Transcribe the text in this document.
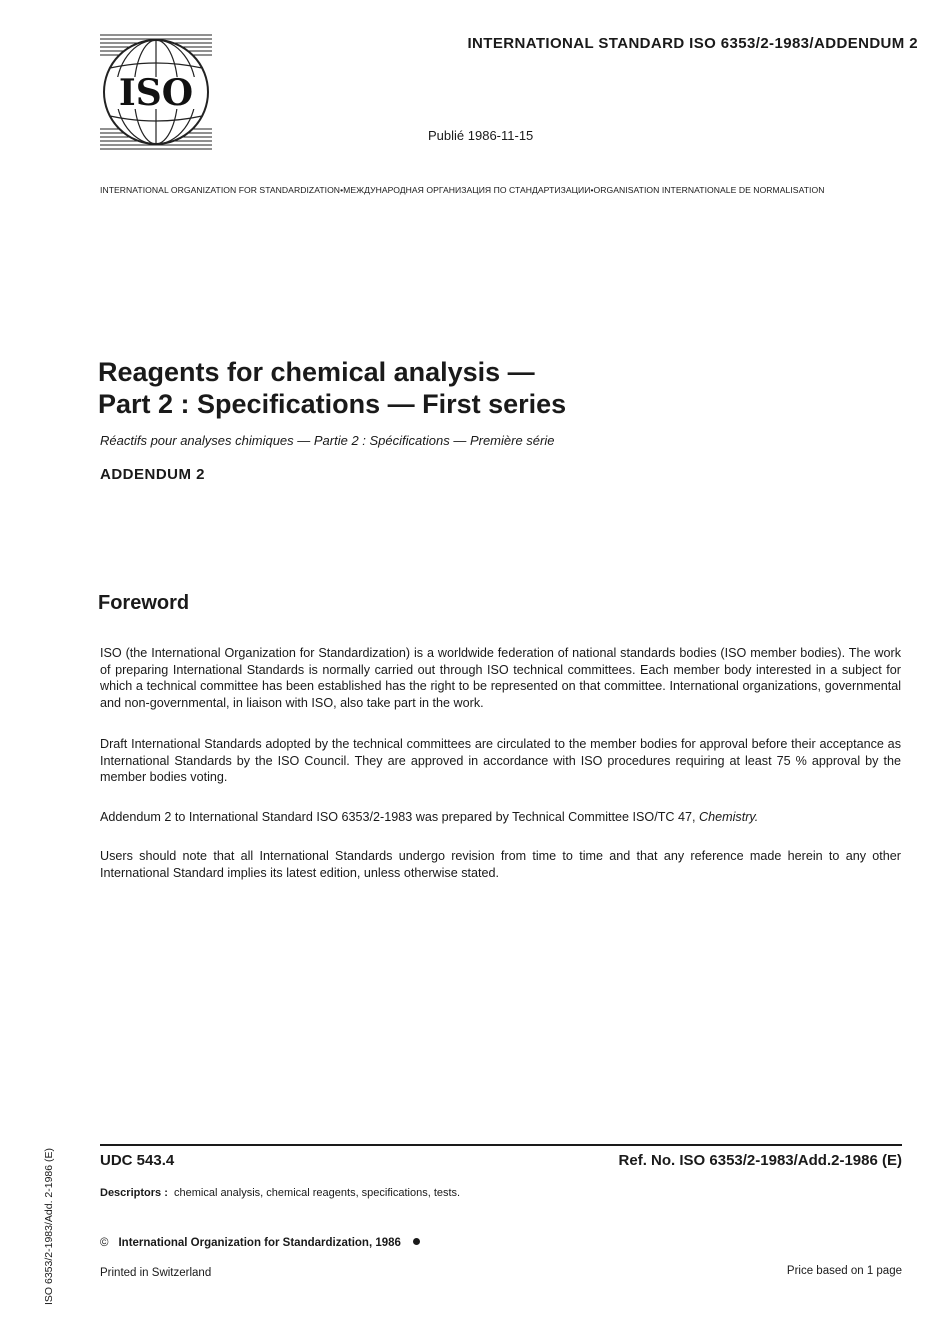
ISO
INTERNATIONAL STANDARD ISO 6353/2-1983/ADDENDUM 2
Publié 1986-11-15
INTERNATIONAL ORGANIZATION FOR STANDARDIZATION•МЕЖДУНАРОДНАЯ ОРГАНИЗАЦИЯ ПО СТАНДАРТИЗАЦИИ•ORGANISATION INTERNATIONALE DE NORMALISATION
Reagents for chemical analysis —
Part 2 : Specifications — First series
Réactifs pour analyses chimiques — Partie 2 : Spécifications — Première série
ADDENDUM 2
Foreword
ISO (the International Organization for Standardization) is a worldwide federation of national standards bodies (ISO member bodies). The work of preparing International Standards is normally carried out through ISO technical committees. Each member body interested in a subject for which a technical committee has been established has the right to be represented on that committee. International organizations, governmental and non-governmental, in liaison with ISO, also take part in the work.
Draft International Standards adopted by the technical committees are circulated to the member bodies for approval before their acceptance as International Standards by the ISO Council. They are approved in accordance with ISO procedures requiring at least 75 % approval by the member bodies voting.
Addendum 2 to International Standard ISO 6353/2-1983 was prepared by Technical Committee ISO/TC 47, Chemistry.
Users should note that all International Standards undergo revision from time to time and that any reference made herein to any other International Standard implies its latest edition, unless otherwise stated.
UDC 543.4	Ref. No. ISO 6353/2-1983/Add.2-1986 (E)
Descriptors : chemical analysis, chemical reagents, specifications, tests.
© International Organization for Standardization, 1986
Printed in Switzerland	Price based on 1 page
ISO 6353/2-1983/Add. 2-1986 (E)
